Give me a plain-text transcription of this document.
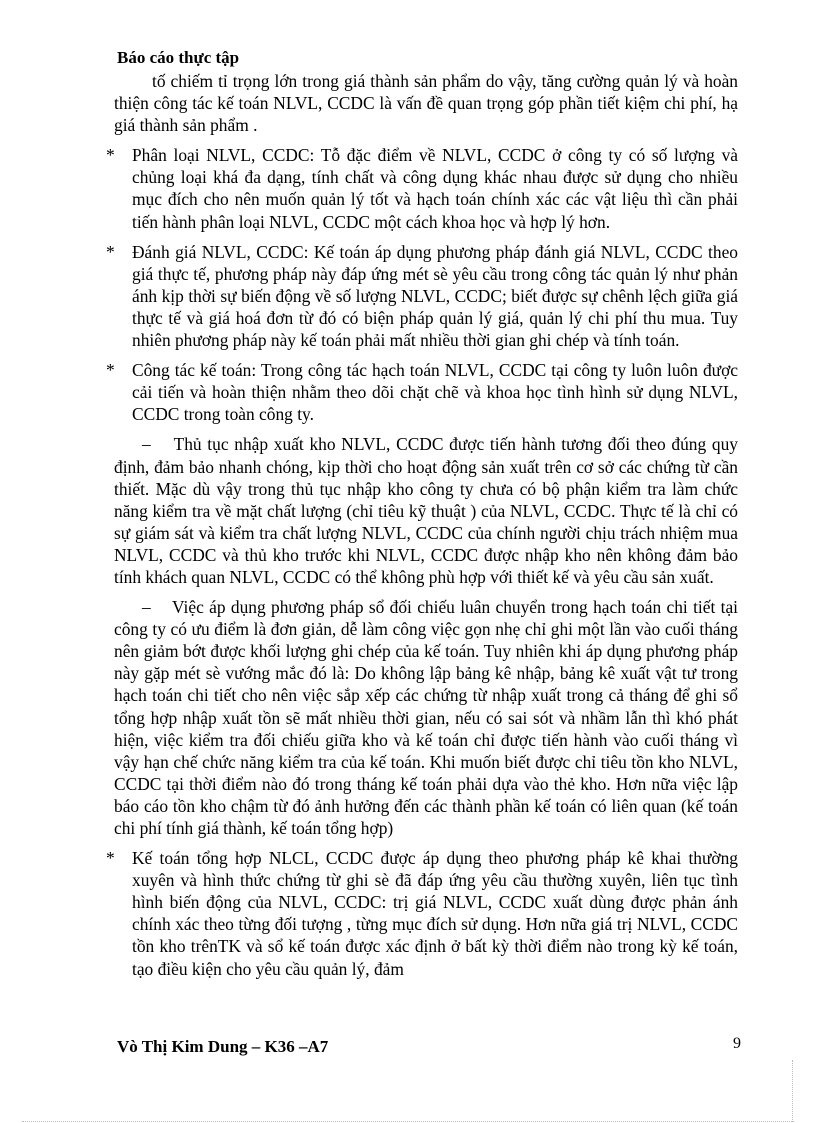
Báo cáo thực tập

tố chiếm tỉ trọng lớn trong giá thành sản phẩm do vậy, tăng cường quản lý và hoàn thiện công tác kế toán NLVL, CCDC là vấn đề quan trọng góp phần tiết kiệm chi phí, hạ giá thành sản phẩm .

* Phân loại NLVL, CCDC: Tỗ đặc điểm về NLVL, CCDC ở công ty có số lượng và chủng loại khá đa dạng, tính chất và công dụng khác nhau được sử dụng cho nhiều mục đích cho nên muốn quản lý tốt và hạch toán chính xác các vật liệu thì cần phải tiến hành phân loại NLVL, CCDC một cách khoa học và hợp lý hơn.
* Đánh giá NLVL, CCDC: Kế toán áp dụng phương pháp đánh giá NLVL, CCDC theo giá thực tế, phương pháp này đáp ứng mét sè yêu cầu trong công tác quản lý như phản ánh kịp thời sự biến động về số lượng NLVL, CCDC; biết được sự chênh lệch giữa giá thực tế và giá hoá đơn từ đó có biện pháp quản lý giá, quản lý chi phí thu mua. Tuy nhiên phương pháp này kế toán phải mất nhiều thời gian ghi chép và tính toán.
* Công tác kế toán: Trong công tác hạch toán NLVL, CCDC tại công ty luôn luôn được cải tiến và hoàn thiện nhằm theo dõi chặt chẽ và khoa học tình hình sử dụng NLVL, CCDC trong toàn công ty.

– Thủ tục nhập xuất kho NLVL, CCDC được tiến hành tương đối theo đúng quy định, đảm bảo nhanh chóng, kịp thời cho hoạt động sản xuất trên cơ sở các chứng từ cần thiết. Mặc dù vậy trong thủ tục nhập kho công ty chưa có bộ phận kiểm tra làm chức năng kiểm tra về mặt chất lượng (chỉ tiêu kỹ thuật ) của NLVL, CCDC. Thực tế là chỉ có sự giám sát và kiểm tra chất lượng NLVL, CCDC của chính người chịu trách nhiệm mua NLVL, CCDC và thủ kho trước khi NLVL, CCDC được nhập kho nên không đảm bảo tính khách quan NLVL, CCDC có thể không phù hợp với thiết kế và yêu cầu sản xuất.

– Việc áp dụng phương pháp sổ đối chiếu luân chuyển trong hạch toán chi tiết tại công ty có ưu điểm là đơn giản, dễ làm công việc gọn nhẹ chỉ ghi một lần vào cuối tháng nên giảm bớt được khối lượng ghi chép của kế toán. Tuy nhiên khi áp dụng phương pháp này gặp mét sè vướng mắc đó là: Do không lập bảng kê nhập, bảng kê xuất vật tư trong hạch toán chi tiết cho nên việc sắp xếp các chứng từ nhập xuất trong cả tháng để ghi sổ tổng hợp nhập xuất tồn sẽ mất nhiều thời gian, nếu có sai sót và nhầm lẫn thì khó phát hiện, việc kiểm tra đối chiếu giữa kho và kế toán chỉ được tiến hành vào cuối tháng vì vậy hạn chế chức năng kiểm tra của kế toán. Khi muốn biết được chỉ tiêu tồn kho NLVL, CCDC tại thời điểm nào đó trong tháng kế toán phải dựa vào thẻ kho. Hơn nữa việc lập báo cáo tồn kho chậm từ đó ảnh hưởng đến các thành phần kế toán có liên quan (kế toán chi phí tính giá thành, kế toán tổng hợp)

* Kế toán tổng hợp NLCL, CCDC được áp dụng theo phương pháp kê khai thường xuyên và hình thức chứng từ ghi sè đã đáp ứng yêu cầu thường xuyên, liên tục tình hình biến động của NLVL, CCDC: trị giá NLVL, CCDC xuất dùng được phản ánh chính xác theo từng đối tượng , từng mục đích sử dụng. Hơn nữa giá trị NLVL, CCDC tồn kho trênTK và sổ kế toán được xác định ở bất kỳ thời điểm nào trong kỳ kế toán, tạo điều kiện cho yêu cầu quản lý, đảm
Vò Thị Kim Dung – K36 –A7	9
